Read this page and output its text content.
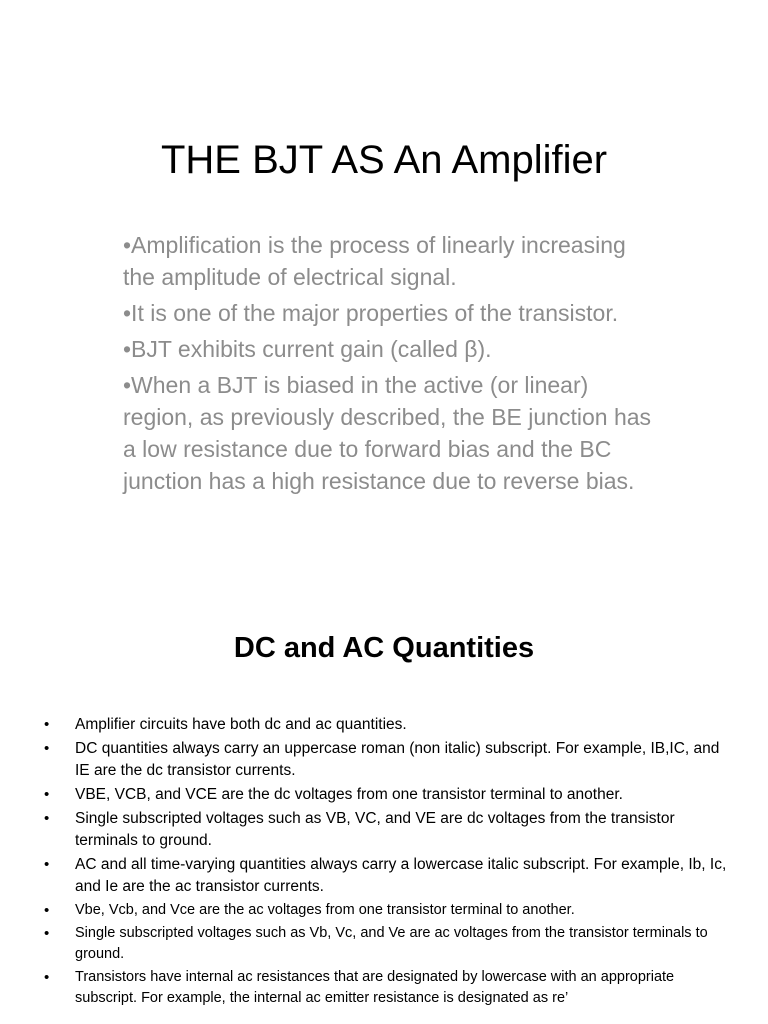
THE BJT AS An Amplifier
•Amplification is the process of linearly increasing the amplitude of electrical signal.
•It is one of the major properties of the transistor.
•BJT exhibits current gain (called β).
•When a BJT is biased in the active (or linear) region, as previously described, the BE junction has a low resistance due to forward bias and the BC junction has a high resistance due to reverse bias.
DC and AC Quantities
• Amplifier circuits have both dc and ac quantities.
• DC quantities always carry an uppercase roman (non italic) subscript. For example, IB,IC, and IE are the dc transistor currents.
• VBE, VCB, and VCE are the dc voltages from one transistor terminal to another.
• Single subscripted voltages such as VB, VC, and VE are dc voltages from the transistor terminals to ground.
• AC and all time-varying quantities always carry a lowercase italic subscript. For example, Ib, Ic, and Ie are the ac transistor currents.
• Vbe, Vcb, and Vce are the ac voltages from one transistor terminal to another.
• Single subscripted voltages such as Vb, Vc, and Ve are ac voltages from the transistor terminals to ground.
• Transistors have internal ac resistances that are designated by lowercase with an appropriate subscript. For example, the internal ac emitter resistance is designated as re’
